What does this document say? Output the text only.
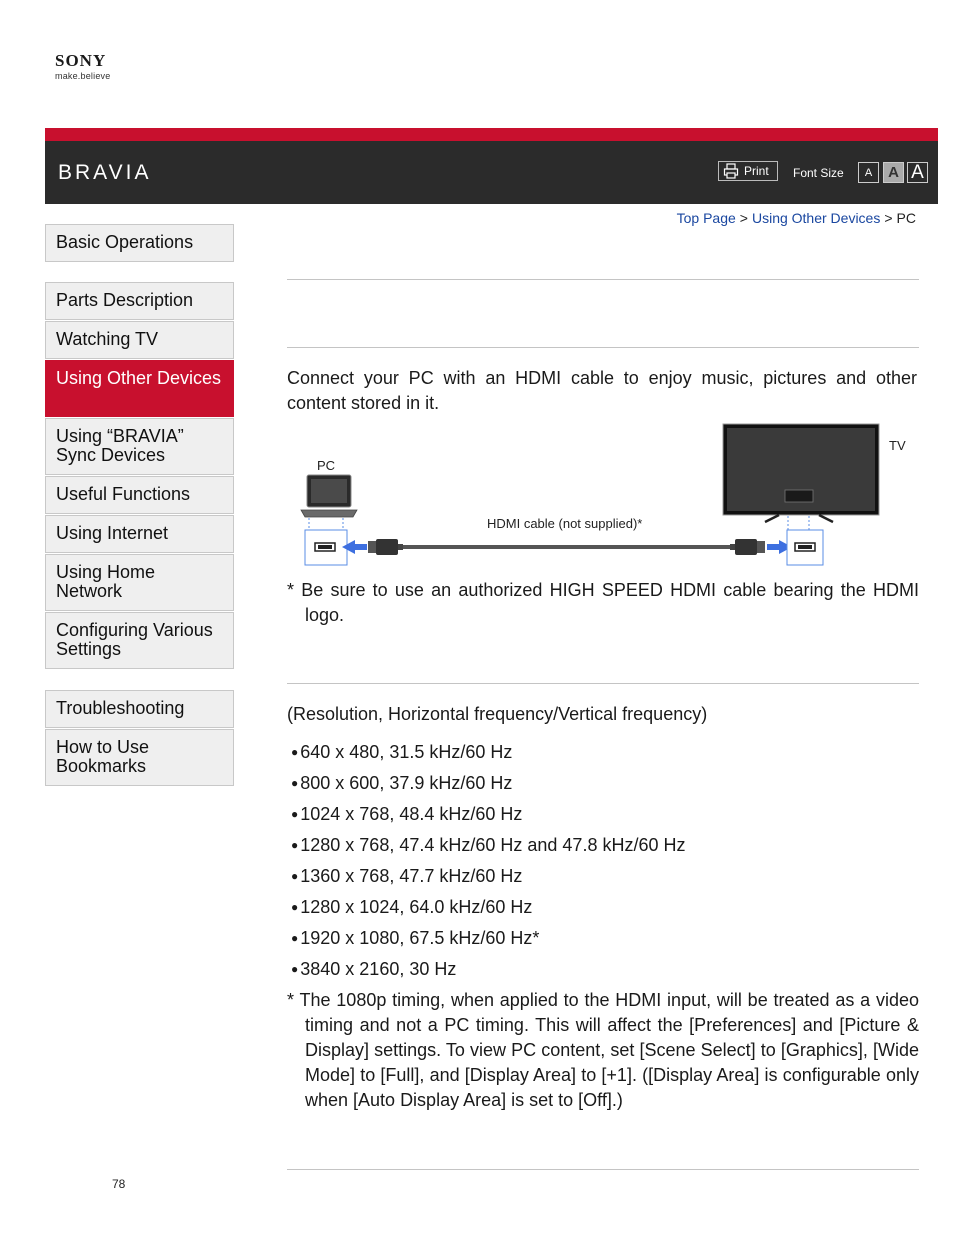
SONY
make.believe
BRAVIA	Print Font Size	A	A A
Top Page > Using Other Devices > PC
Basic Operations
Parts Description
Watching TV
Using Other Devices
Using “BRAVIA” Sync Devices
Useful Functions
Using Internet
Using Home Network
Configuring Various Settings
Troubleshooting
How to Use Bookmarks
Connect your PC with an HDMI cable to enjoy music, pictures and other content stored in it.
PC
HDMI cable (not supplied)*
TV
* Be sure to use an authorized HIGH SPEED HDMI cable bearing the HDMI logo.
(Resolution, Horizontal frequency/Vertical frequency)
● 640 x 480, 31.5 kHz/60 Hz
● 800 x 600, 37.9 kHz/60 Hz
● 1024 x 768, 48.4 kHz/60 Hz
● 1280 x 768, 47.4 kHz/60 Hz and 47.8 kHz/60 Hz
● 1360 x 768, 47.7 kHz/60 Hz
● 1280 x 1024, 64.0 kHz/60 Hz
● 1920 x 1080, 67.5 kHz/60 Hz*
● 3840 x 2160, 30 Hz
* The 1080p timing, when applied to the HDMI input, will be treated as a video timing and not a PC timing. This will affect the [Preferences] and [Picture & Display] settings. To view PC content, set [Scene Select] to [Graphics], [Wide Mode] to [Full], and [Display Area] to [+1]. ([Display Area] is configurable only when [Auto Display Area] is set to [Off].)
78
